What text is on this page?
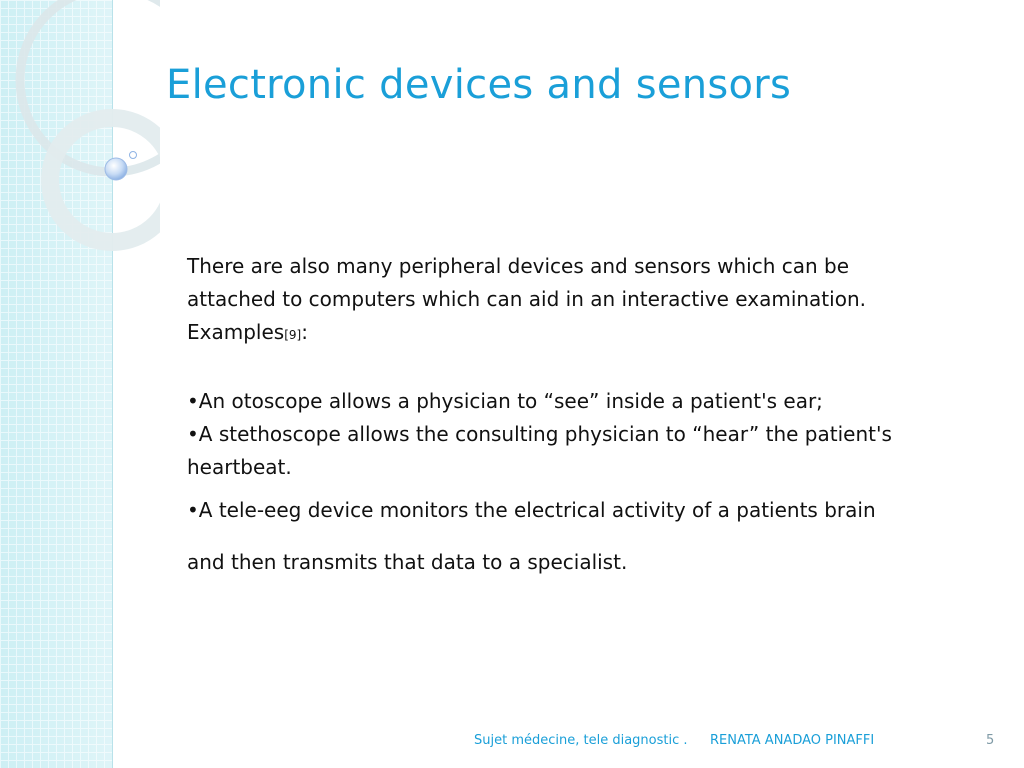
Electronic devices and sensors

There are also many peripheral devices and sensors which can be attached to computers which can aid in an interactive examination. Examples[9]:

•An otoscope allows a physician to “see” inside a patient's ear;

•A stethoscope allows the consulting physician to “hear” the patient's heartbeat.

•A tele-eeg device monitors the electrical activity of a patients brain and then transmits that data to a specialist.

Sujet médecine, tele diagnostic . RENATA ANADAO PINAFFI	5
